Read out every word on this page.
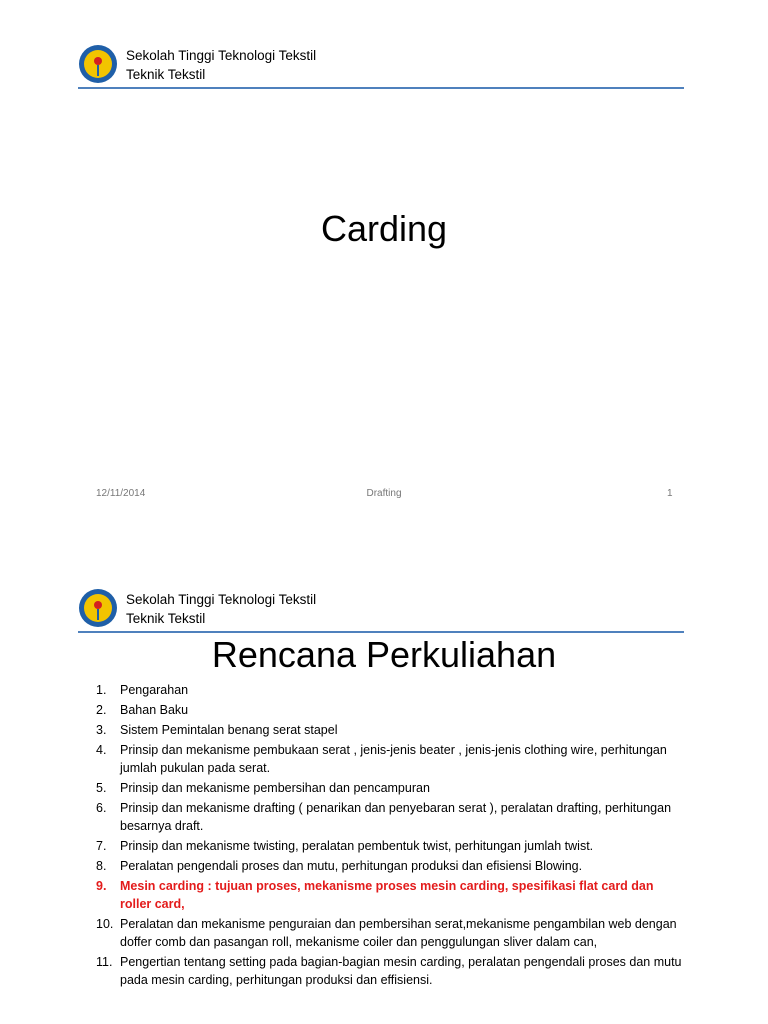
Sekolah Tinggi Teknologi Tekstil
Teknik Tekstil
Carding
12/11/2014	Drafting	1
Sekolah Tinggi Teknologi Tekstil
Teknik Tekstil
Rencana Perkuliahan
1. Pengarahan
2. Bahan Baku
3. Sistem Pemintalan benang serat stapel
4. Prinsip dan mekanisme pembukaan serat , jenis-jenis beater , jenis-jenis clothing wire, perhitungan jumlah pukulan pada serat.
5. Prinsip dan mekanisme pembersihan dan pencampuran
6. Prinsip dan mekanisme drafting ( penarikan dan penyebaran serat ), peralatan drafting, perhitungan besarnya draft.
7. Prinsip dan mekanisme twisting, peralatan pembentuk twist, perhitungan jumlah twist.
8. Peralatan pengendali proses dan mutu, perhitungan produksi dan efisiensi Blowing.
9. Mesin carding : tujuan proses, mekanisme proses mesin carding, spesifikasi flat card dan roller card,
10. Peralatan dan mekanisme penguraian dan pembersihan serat,mekanisme pengambilan web dengan doffer comb dan pasangan roll, mekanisme coiler dan penggulungan sliver dalam can,
11. Pengertian tentang setting pada bagian-bagian mesin carding, peralatan pengendali proses dan mutu pada mesin carding, perhitungan produksi dan effisiensi.
